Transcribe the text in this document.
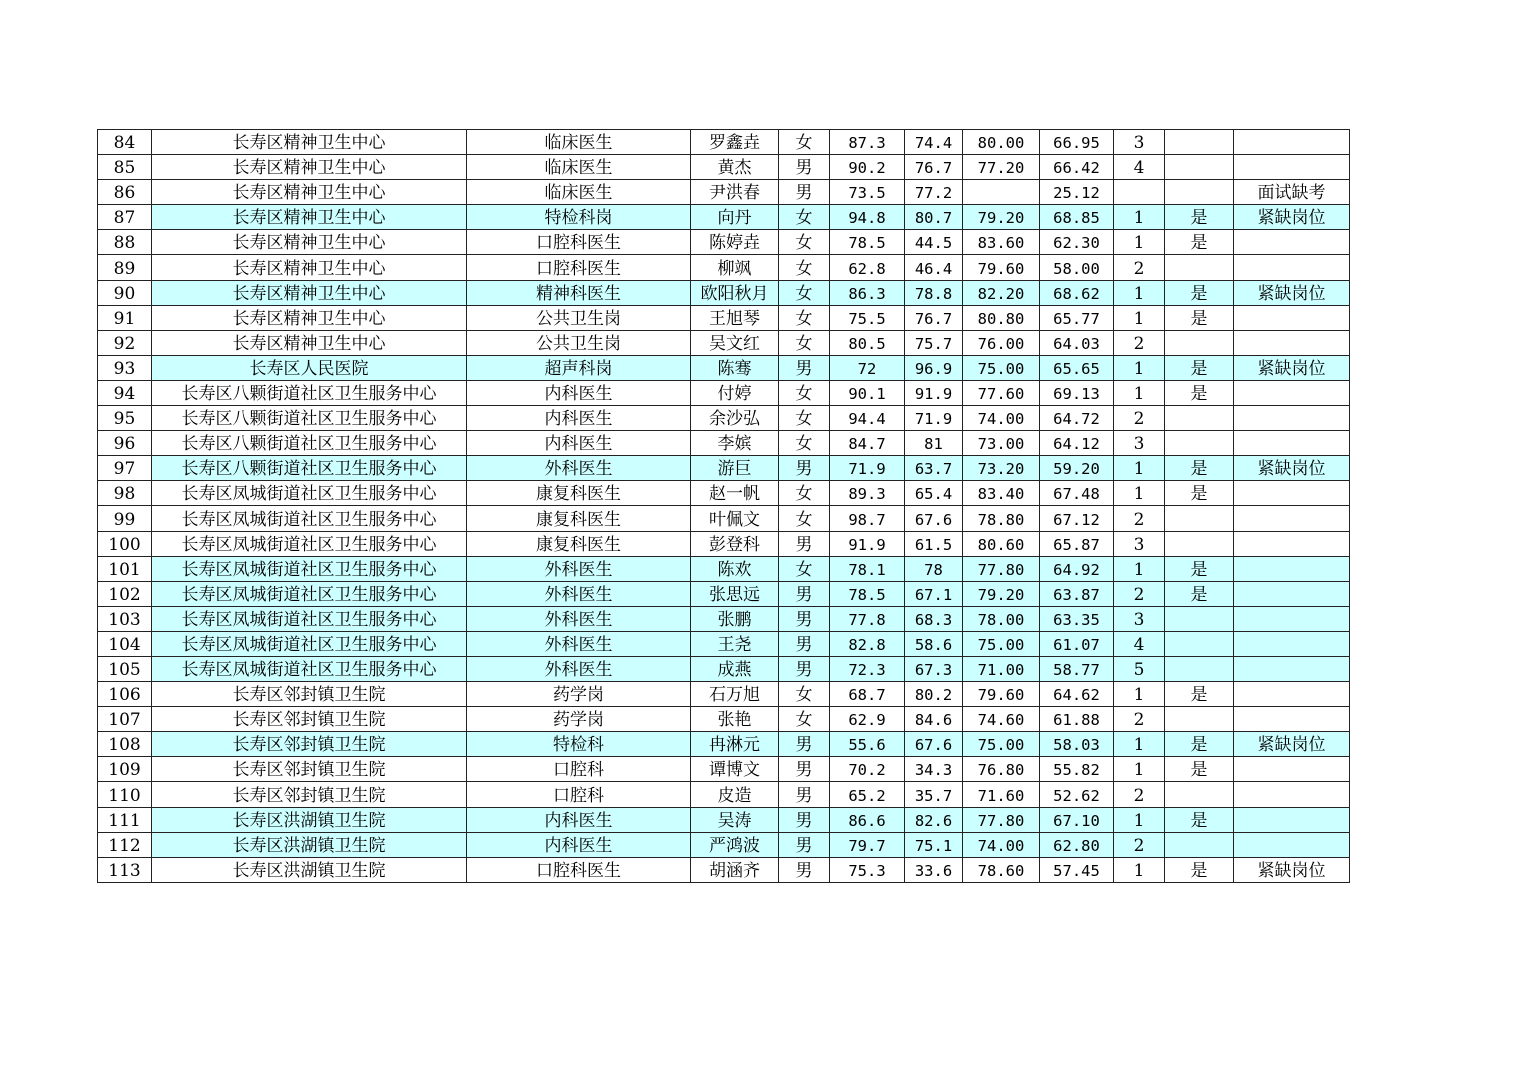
84	长寿区精神卫生中心	临床医生	罗鑫垚	女	87.3	74.4	80.00	66.95	3		
85	长寿区精神卫生中心	临床医生	黄杰	男	90.2	76.7	77.20	66.42	4		
86	长寿区精神卫生中心	临床医生	尹洪春	男	73.5	77.2		25.12			面试缺考
87	长寿区精神卫生中心	特检科岗	向丹	女	94.8	80.7	79.20	68.85	1	是	紧缺岗位
88	长寿区精神卫生中心	口腔科医生	陈婷垚	女	78.5	44.5	83.60	62.30	1	是	
89	长寿区精神卫生中心	口腔科医生	柳飒	女	62.8	46.4	79.60	58.00	2		
90	长寿区精神卫生中心	精神科医生	欧阳秋月	女	86.3	78.8	82.20	68.62	1	是	紧缺岗位
91	长寿区精神卫生中心	公共卫生岗	王旭琴	女	75.5	76.7	80.80	65.77	1	是	
92	长寿区精神卫生中心	公共卫生岗	吴文红	女	80.5	75.7	76.00	64.03	2		
93	长寿区人民医院	超声科岗	陈骞	男	72	96.9	75.00	65.65	1	是	紧缺岗位
94	长寿区八颗街道社区卫生服务中心	内科医生	付婷	女	90.1	91.9	77.60	69.13	1	是	
95	长寿区八颗街道社区卫生服务中心	内科医生	余沙弘	女	94.4	71.9	74.00	64.72	2		
96	长寿区八颗街道社区卫生服务中心	内科医生	李嫔	女	84.7	81	73.00	64.12	3		
97	长寿区八颗街道社区卫生服务中心	外科医生	游巨	男	71.9	63.7	73.20	59.20	1	是	紧缺岗位
98	长寿区凤城街道社区卫生服务中心	康复科医生	赵一帆	女	89.3	65.4	83.40	67.48	1	是	
99	长寿区凤城街道社区卫生服务中心	康复科医生	叶佩文	女	98.7	67.6	78.80	67.12	2		
100	长寿区凤城街道社区卫生服务中心	康复科医生	彭登科	男	91.9	61.5	80.60	65.87	3		
101	长寿区凤城街道社区卫生服务中心	外科医生	陈欢	女	78.1	78	77.80	64.92	1	是	
102	长寿区凤城街道社区卫生服务中心	外科医生	张思远	男	78.5	67.1	79.20	63.87	2	是	
103	长寿区凤城街道社区卫生服务中心	外科医生	张鹏	男	77.8	68.3	78.00	63.35	3		
104	长寿区凤城街道社区卫生服务中心	外科医生	王尧	男	82.8	58.6	75.00	61.07	4		
105	长寿区凤城街道社区卫生服务中心	外科医生	成燕	男	72.3	67.3	71.00	58.77	5		
106	长寿区邻封镇卫生院	药学岗	石万旭	女	68.7	80.2	79.60	64.62	1	是	
107	长寿区邻封镇卫生院	药学岗	张艳	女	62.9	84.6	74.60	61.88	2		
108	长寿区邻封镇卫生院	特检科	冉淋元	男	55.6	67.6	75.00	58.03	1	是	紧缺岗位
109	长寿区邻封镇卫生院	口腔科	谭博文	男	70.2	34.3	76.80	55.82	1	是	
110	长寿区邻封镇卫生院	口腔科	皮造	男	65.2	35.7	71.60	52.62	2		
111	长寿区洪湖镇卫生院	内科医生	吴涛	男	86.6	82.6	77.80	67.10	1	是	
112	长寿区洪湖镇卫生院	内科医生	严鸿波	男	79.7	75.1	74.00	62.80	2		
113	长寿区洪湖镇卫生院	口腔科医生	胡涵齐	男	75.3	33.6	78.60	57.45	1	是	紧缺岗位
